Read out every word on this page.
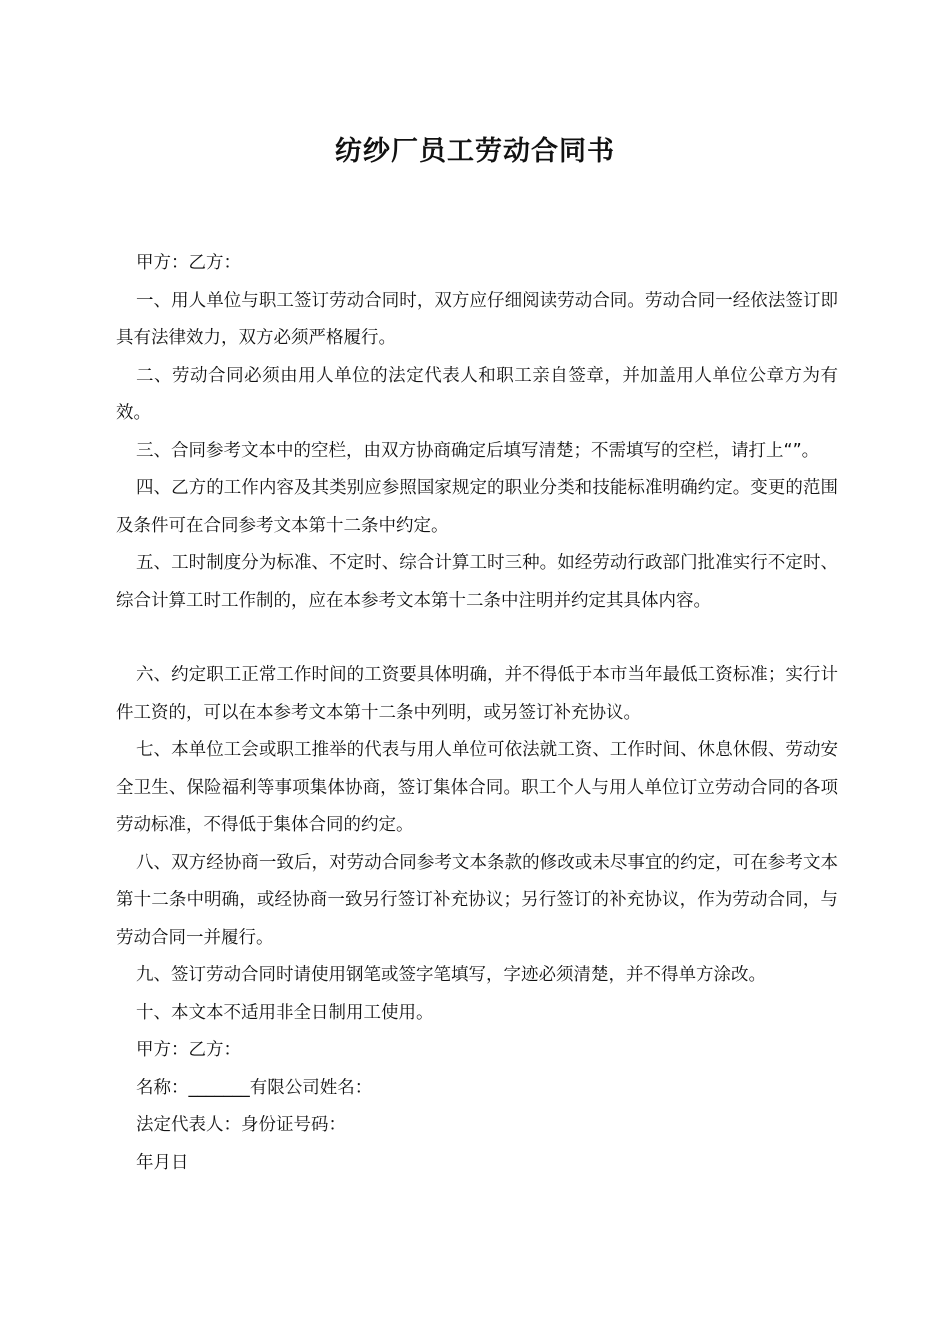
纺纱厂员工劳动合同书

甲方：乙方：

一、用人单位与职工签订劳动合同时，双方应仔细阅读劳动合同。劳动合同一经依法签订即具有法律效力，双方必须严格履行。

二、劳动合同必须由用人单位的法定代表人和职工亲自签章，并加盖用人单位公章方为有效。

三、合同参考文本中的空栏，由双方协商确定后填写清楚；不需填写的空栏，请打上“”。

四、乙方的工作内容及其类别应参照国家规定的职业分类和技能标准明确约定。变更的范围及条件可在合同参考文本第十二条中约定。

五、工时制度分为标准、不定时、综合计算工时三种。如经劳动行政部门批准实行不定时、综合计算工时工作制的，应在本参考文本第十二条中注明并约定其具体内容。

六、约定职工正常工作时间的工资要具体明确，并不得低于本市当年最低工资标准；实行计件工资的，可以在本参考文本第十二条中列明，或另签订补充协议。

七、本单位工会或职工推举的代表与用人单位可依法就工资、工作时间、休息休假、劳动安全卫生、保险福利等事项集体协商，签订集体合同。职工个人与用人单位订立劳动合同的各项劳动标准，不得低于集体合同的约定。

八、双方经协商一致后，对劳动合同参考文本条款的修改或未尽事宜的约定，可在参考文本第十二条中明确，或经协商一致另行签订补充协议；另行签订的补充协议，作为劳动合同，与劳动合同一并履行。

九、签订劳动合同时请使用钢笔或签字笔填写，字迹必须清楚，并不得单方涂改。

十、本文本不适用非全日制用工使用。

甲方：乙方：

名称：_______有限公司姓名：

法定代表人：身份证号码：

年月日
